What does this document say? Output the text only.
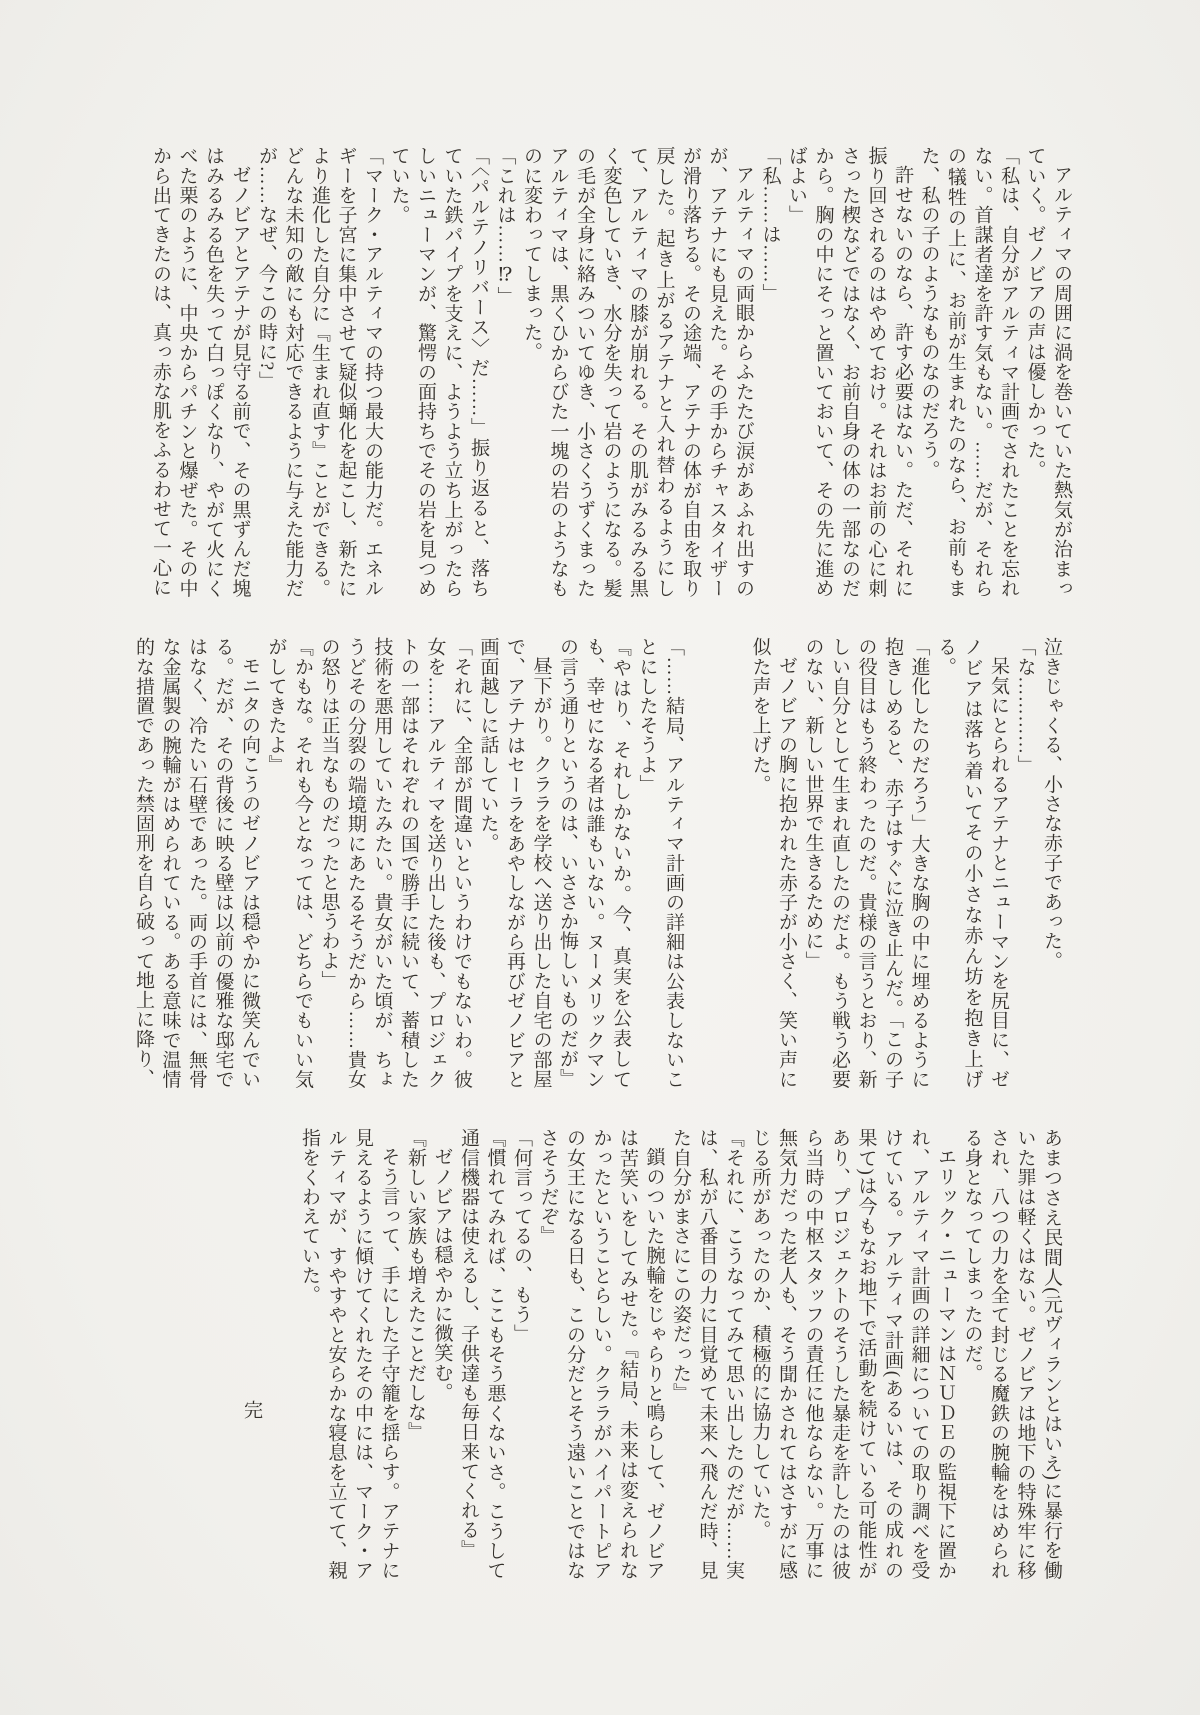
アルティマの周囲に渦を巻いていた熱気が治まっていく。ゼノビアの声は優しかった。

「私は、自分がアルティマ計画でされたことを忘れない。首謀者達を許す気もない。……だが、それらの犠牲の上に、お前が生まれたのなら、お前もまた、私の子のようなものなのだろう。

許せないのなら、許す必要はない。ただ、それに振り回されるのはやめておけ。それはお前の心に刺さった楔などではなく、お前自身の体の一部なのだから。胸の中にそっと置いておいて、その先に進めばよい」

「私……は……」

アルティマの両眼からふたたび涙があふれ出すのが、アテナにも見えた。その手からチャスタイザーが滑り落ちる。その途端、アテナの体が自由を取り戻した。起き上がるアテナと入れ替わるようにして、アルティマの膝が崩れる。その肌がみるみる黒く変色していき、水分を失って岩のようになる。髪の毛が全身に絡みついてゆき、小さくうずくまったアルティマは、黒くひからびた一塊の岩のようなものに変わってしまった。

「これは……⁉」

「〈パルテノリバース〉だ……」振り返ると、落ちていた鉄パイプを支えに、ようよう立ち上がったらしいニューマンが、驚愕の面持ちでその岩を見つめていた。

「マーク・アルティマの持つ最大の能力だ。エネルギーを子宮に集中させて疑似蛹化を起こし、新たにより進化した自分に『生まれ直す』ことができる。どんな未知の敵にも対応できるように与えた能力だが……なぜ、今この時に?」

ゼノビアとアテナが見守る前で、その黒ずんだ塊はみるみる色を失って白っぽくなり、やがて火にくべた栗のように、中央からパチンと爆ぜた。その中から出てきたのは、真っ赤な肌をふるわせて一心に

泣きじゃくる、小さな赤子であった。

「な…………」

呆気にとられるアテナとニューマンを尻目に、ゼノビアは落ち着いてその小さな赤ん坊を抱き上げる。

「進化したのだろう」大きな胸の中に埋めるように抱きしめると、赤子はすぐに泣き止んだ。「この子の役目はもう終わったのだ。貴様の言うとおり、新しい自分として生まれ直したのだよ。もう戦う必要のない、新しい世界で生きるために」

ゼノビアの胸に抱かれた赤子が小さく、笑い声に似た声を上げた。

「……結局、アルティマ計画の詳細は公表しないことにしたそうよ」

『やはり、それしかないか。今、真実を公表しても、幸せになる者は誰もいない。ヌーメリックマンの言う通りというのは、いささか悔しいものだが』

昼下がり。クララを学校へ送り出した自宅の部屋で、アテナはセーラをあやしながら再びゼノビアと画面越しに話していた。

「それに、全部が間違いというわけでもないわ。彼女を……アルティマを送り出した後も、プロジェクトの一部はそれぞれの国で勝手に続いて、蓄積した技術を悪用していたみたい。貴女がいた頃が、ちょうどその分裂の端境期にあたるそうだから……貴女の怒りは正当なものだったと思うわよ」

『かもな。それも今となっては、どちらでもいい気がしてきたよ』

モニタの向こうのゼノビアは穏やかに微笑んでいる。だが、その背後に映る壁は以前の優雅な邸宅ではなく、冷たい石壁であった。両の手首には、無骨な金属製の腕輪がはめられている。ある意味で温情的な措置であった禁固刑を自ら破って地上に降り、

あまつさえ民間人(元ヴィランとはいえ)に暴行を働いた罪は軽くはない。ゼノビアは地下の特殊牢に移され、八つの力を全て封じる魔鉄の腕輪をはめられる身となってしまったのだ。

エリック・ニューマンはＮＵＤＥの監視下に置かれ、アルティマ計画の詳細についての取り調べを受けている。アルティマ計画(あるいは、その成れの果て)は今もなお地下で活動を続けている可能性があり、プロジェクトのそうした暴走を許したのは彼ら当時の中枢スタッフの責任に他ならない。万事に無気力だった老人も、そう聞かされてはさすがに感じる所があったのか、積極的に協力していた。

『それに、こうなってみて思い出したのだが……実は、私が八番目の力に目覚めて未来へ飛んだ時、見た自分がまさにこの姿だった』

鎖のついた腕輪をじゃらりと鳴らして、ゼノビアは苦笑いをしてみせた。『結局、未来は変えられなかったということらしい。クララがハイパートピアの女王になる日も、この分だとそう遠いことではなさそうだぞ』

「何言ってるの、もう」

『慣れてみれば、ここもそう悪くないさ。こうして通信機器は使えるし、子供達も毎日来てくれる』

ゼノビアは穏やかに微笑む。

『新しい家族も増えたことだしな』

そう言って、手にした子守籠を揺らす。アテナに見えるように傾けてくれたその中には、マーク・アルティマが、すやすやと安らかな寝息を立てて、親指をくわえていた。

完
